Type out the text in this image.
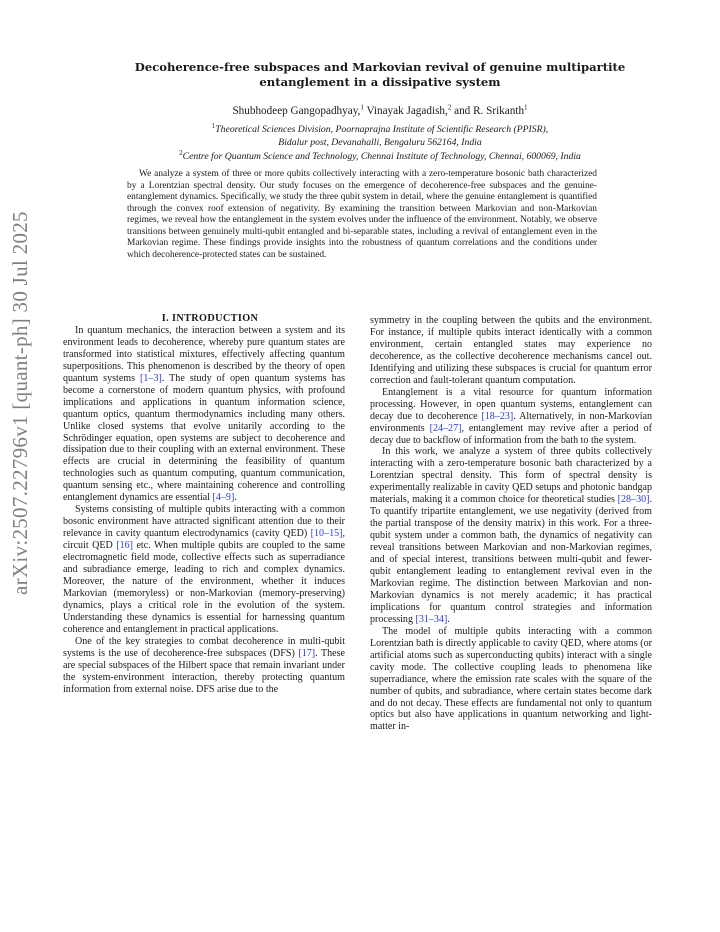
arXiv:2507.22796v1 [quant-ph] 30 Jul 2025
Decoherence-free subspaces and Markovian revival of genuine multipartite
entanglement in a dissipative system
Shubhodeep Gangopadhyay,$^1$ Vinayak Jagadish,$^2$ and R. Srikanth$^1$
$^1$Theoretical Sciences Division, Poornaprajna Institute of Scientific Research (PPISR),
Bidalur post, Devanahalli, Bengaluru 562164, India
$^2$Centre for Quantum Science and Technology, Chennai Institute of Technology, Chennai, 600069, India
We analyze a system of three or more qubits collectively interacting with a zero-temperature bosonic bath characterized by a Lorentzian spectral density. Our study focuses on the emergence of decoherence-free subspaces and the genuine-entanglement dynamics. Specifically, we study the three qubit system in detail, where the genuine entanglement is quantified through the convex roof extension of negativity. By examining the transition between Markovian and non-Markovian regimes, we reveal how the entanglement in the system evolves under the influence of the environment. Notably, we observe transitions between genuinely multi-qubit entangled and bi-separable states, including a revival of entanglement even in the Markovian regime. These findings provide insights into the robustness of quantum correlations and the conditions under which decoherence-protected states can be sustained.

I. INTRODUCTION

In quantum mechanics, the interaction between a system and its environment leads to decoherence, whereby pure quantum states are transformed into statistical mixtures, effectively affecting quantum superpositions. This phenomenon is described by the theory of open quantum systems [1–3]. The study of open quantum systems has become a cornerstone of modern quantum physics, with profound implications and applications in quantum information science, quantum optics, quantum thermodynamics including many others. Unlike closed systems that evolve unitarily according to the Schrödinger equation, open systems are subject to decoherence and dissipation due to their coupling with an external environment. These effects are crucial in determining the feasibility of quantum technologies such as quantum computing, quantum communication, quantum sensing etc., where maintaining coherence and controlling entanglement dynamics are essential [4–9].

Systems consisting of multiple qubits interacting with a common bosonic environment have attracted significant attention due to their relevance in cavity quantum electrodynamics (cavity QED) [10–15], circuit QED [16] etc. When multiple qubits are coupled to the same electromagnetic field mode, collective effects such as superradiance and subradiance emerge, leading to rich and complex dynamics. Moreover, the nature of the environment, whether it induces Markovian (memoryless) or non-Markovian (memory-preserving) dynamics, plays a critical role in the evolution of the system. Understanding these dynamics is essential for harnessing quantum coherence and entanglement in practical applications.

One of the key strategies to combat decoherence in multi-qubit systems is the use of decoherence-free subspaces (DFS) [17]. These are special subspaces of the Hilbert space that remain invariant under the system-environment interaction, thereby protecting quantum information from external noise. DFS arise due to the

symmetry in the coupling between the qubits and the environment. For instance, if multiple qubits interact identically with a common environment, certain entangled states may experience no decoherence, as the collective decoherence mechanisms cancel out. Identifying and utilizing these subspaces is crucial for quantum error correction and fault-tolerant quantum computation.

Entanglement is a vital resource for quantum information processing. However, in open quantum systems, entanglement can decay due to decoherence [18–23]. Alternatively, in non-Markovian environments [24–27], entanglement may revive after a period of decay due to backflow of information from the bath to the system.

In this work, we analyze a system of three qubits collectively interacting with a zero-temperature bosonic bath characterized by a Lorentzian spectral density. This form of spectral density is experimentally realizable in cavity QED setups and photonic bandgap materials, making it a common choice for theoretical studies [28–30]. To quantify tripartite entanglement, we use negativity (derived from the partial transpose of the density matrix) in this work. For a three-qubit system under a common bath, the dynamics of negativity can reveal transitions between Markovian and non-Markovian regimes, and of special interest, transitions between multi-qubit and fewer-qubit entanglement leading to entanglement revival even in the Markovian regime. The distinction between Markovian and non-Markovian dynamics is not merely academic; it has practical implications for quantum control strategies and information processing [31–34].

The model of multiple qubits interacting with a common Lorentzian bath is directly applicable to cavity QED, where atoms (or artificial atoms such as superconducting qubits) interact with a single cavity mode. The collective coupling leads to phenomena like superradiance, where the emission rate scales with the square of the number of qubits, and subradiance, where certain states become dark and do not decay. These effects are fundamental not only to quantum optics but also have applications in quantum networking and light-matter in-
